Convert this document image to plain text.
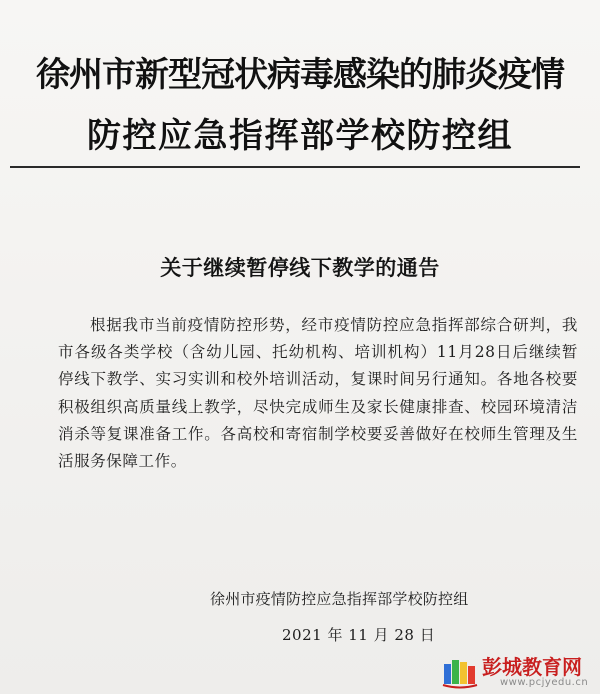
徐州市新型冠状病毒感染的肺炎疫情
防控应急指挥部学校防控组
关于继续暂停线下教学的通告
根据我市当前疫情防控形势，经市疫情防控应急指挥部综合研判，我市各级各类学校（含幼儿园、托幼机构、培训机构）11月28日后继续暂停线下教学、实习实训和校外培训活动，复课时间另行通知。各地各校要积极组织高质量线上教学，尽快完成师生及家长健康排查、校园环境清洁消杀等复课准备工作。各高校和寄宿制学校要妥善做好在校师生管理及生活服务保障工作。
徐州市疫情防控应急指挥部学校防控组
2021 年 11 月 28 日
彭城教育网
www.pcjyedu.cn
